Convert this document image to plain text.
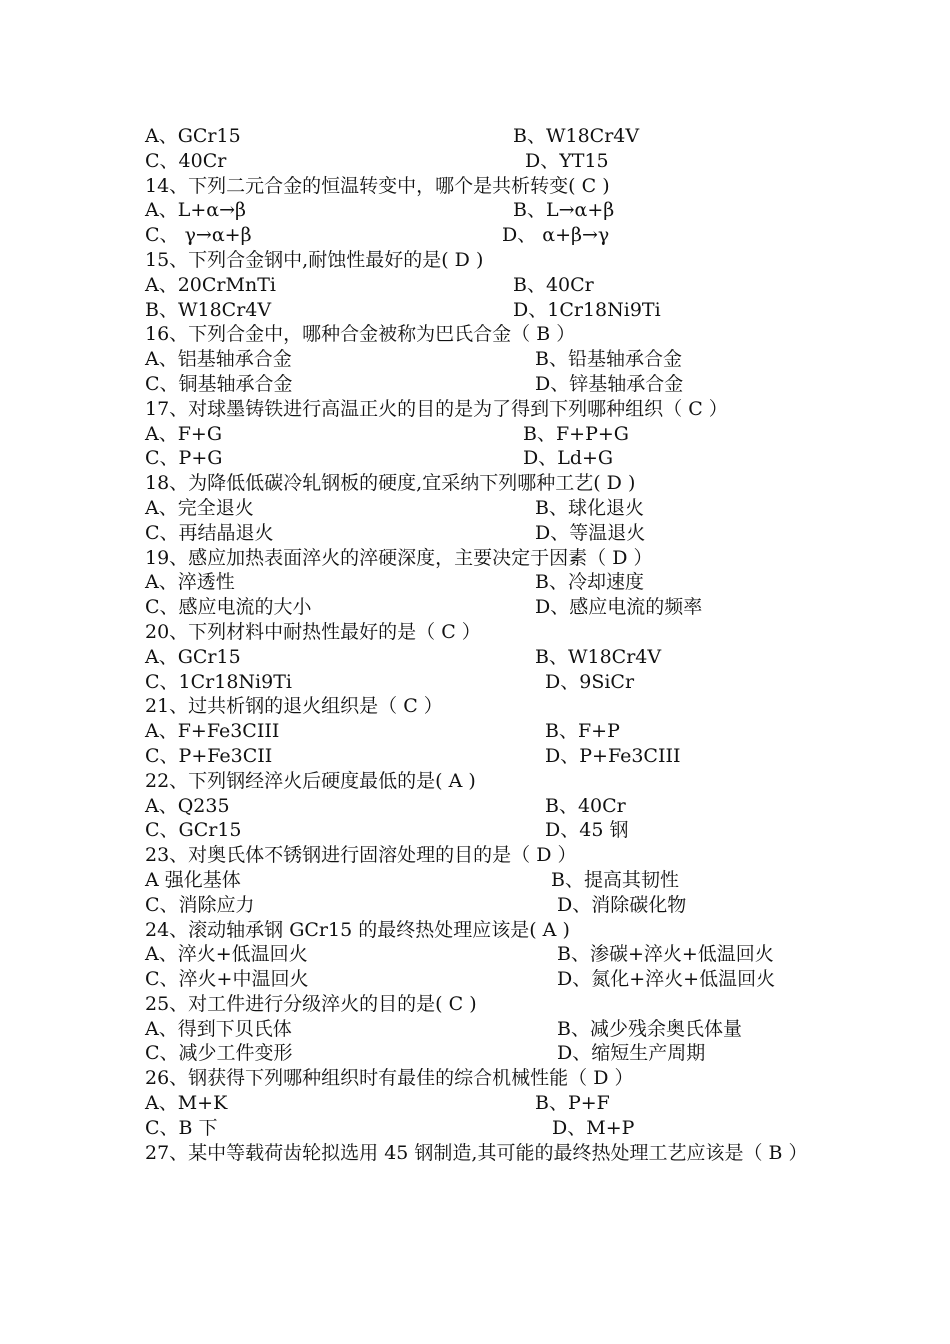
A、GCr15	B、W18Cr4V
C、40Cr	D、YT15
14、下列二元合金的恒温转变中，哪个是共析转变( C )
A、L+α→β	B、L→α+β
C、 γ→α+β	D、 α+β→γ
15、下列合金钢中,耐蚀性最好的是( D )
A、20CrMnTi	B、40Cr
B、W18Cr4V	D、1Cr18Ni9Ti
16、下列合金中，哪种合金被称为巴氏合金（ B ）
A、铝基轴承合金	B、铅基轴承合金
C、铜基轴承合金	D、锌基轴承合金
17、对球墨铸铁进行高温正火的目的是为了得到下列哪种组织（ C ）
A、F+G	B、F+P+G
C、P+G	D、Ld+G
18、为降低低碳冷轧钢板的硬度,宜采纳下列哪种工艺( D )
A、完全退火	B、球化退火
C、再结晶退火	D、等温退火
19、感应加热表面淬火的淬硬深度，主要决定于因素（ D ）
A、淬透性	B、冷却速度
C、感应电流的大小	D、感应电流的频率
20、下列材料中耐热性最好的是（ C ）
A、GCr15	B、W18Cr4V
C、1Cr18Ni9Ti	D、9SiCr
21、过共析钢的退火组织是（ C ）
A、F+Fe3CIII	B、F+P
C、P+Fe3CII	D、P+Fe3CIII
22、下列钢经淬火后硬度最低的是( A )
A、Q235	B、40Cr
C、GCr15	D、45 钢
23、对奥氏体不锈钢进行固溶处理的目的是（ D ）
A 强化基体	B、提高其韧性
C、消除应力	D、消除碳化物
24、滚动轴承钢 GCr15 的最终热处理应该是( A )
A、淬火+低温回火	B、渗碳+淬火+低温回火
C、淬火+中温回火	D、氮化+淬火+低温回火
25、对工件进行分级淬火的目的是( C )
A、得到下贝氏体	B、减少残余奥氏体量
C、减少工件变形	D、缩短生产周期
26、钢获得下列哪种组织时有最佳的综合机械性能（ D ）
A、M+K	B、P+F
C、B 下	D、M+P
27、某中等载荷齿轮拟选用 45 钢制造,其可能的最终热处理工艺应该是（ B ）
